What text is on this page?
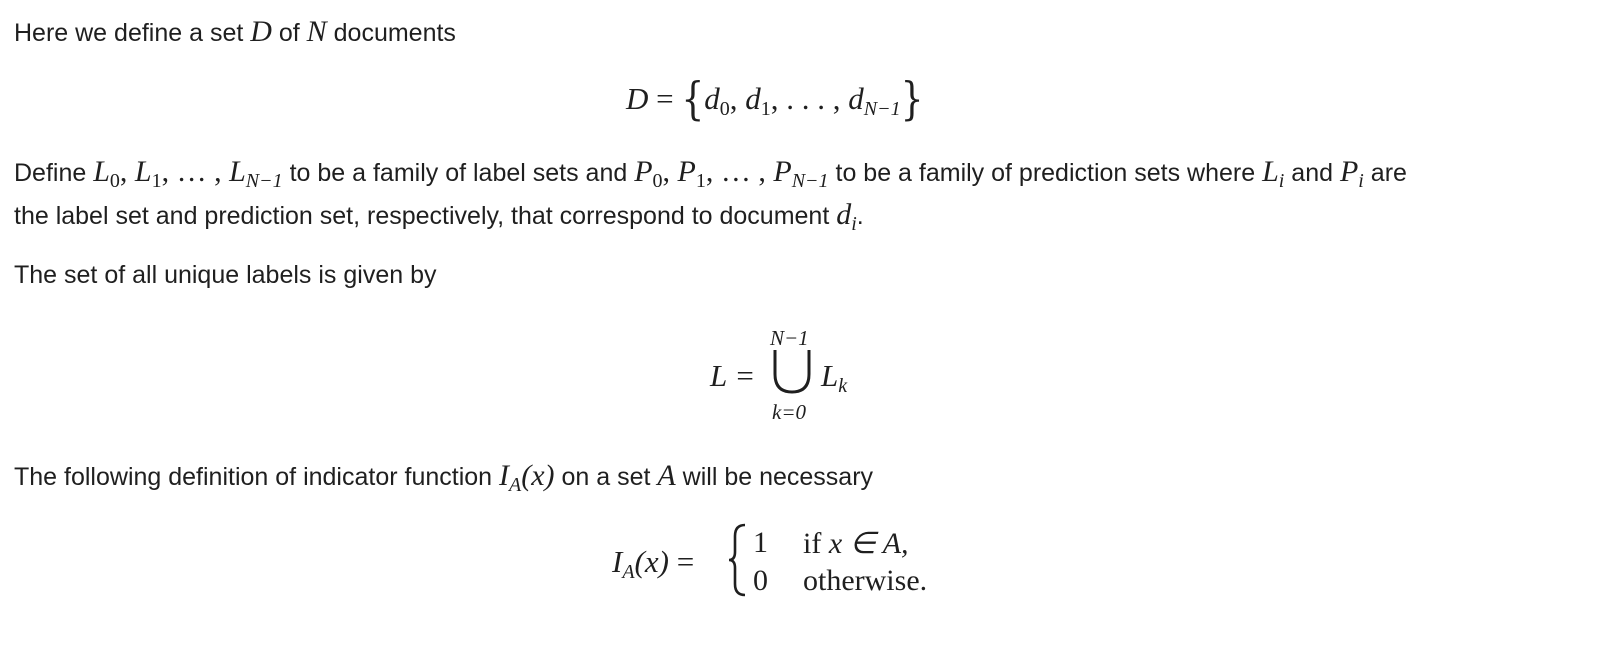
Here we define a set D of N documents
$D = \{d_0$, $d_1$, . . . , $d_{N-1}$}
Define $L_0$, $L_1$, … , $L_{N-1}$ to be a family of label sets and $P_0$, $P_1$, … , $P_{N-1}$ to be a family of prediction sets where $L_i$ and $P_i$ are
the label set and prediction set, respectively, that correspond to document $d_i$.
The set of all unique labels is given by
L =
N−1
k=0
$L_k$
The following definition of indicator function $I_A(x)$ on a set A will be necessary
$I_A(x)$ =
1 if x ∈ A,
0 otherwise.
